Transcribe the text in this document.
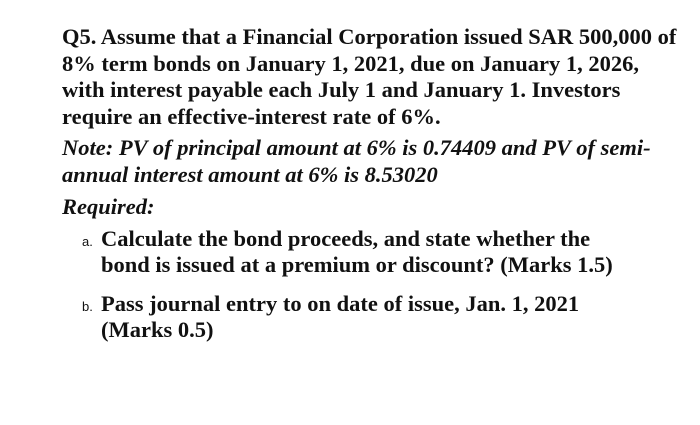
Q5. Assume that a Financial Corporation issued SAR 500,000 of 8% term bonds on January 1, 2021, due on January 1, 2026, with interest payable each July 1 and January 1. Investors require an effective-interest rate of 6%.

Note: PV of principal amount at 6% is 0.74409 and PV of semi-annual interest amount at 6% is 8.53020

Required:

a. Calculate the bond proceeds, and state whether the bond is issued at a premium or discount? (Marks 1.5)
b. Pass journal entry to on date of issue, Jan. 1, 2021 (Marks 0.5)
